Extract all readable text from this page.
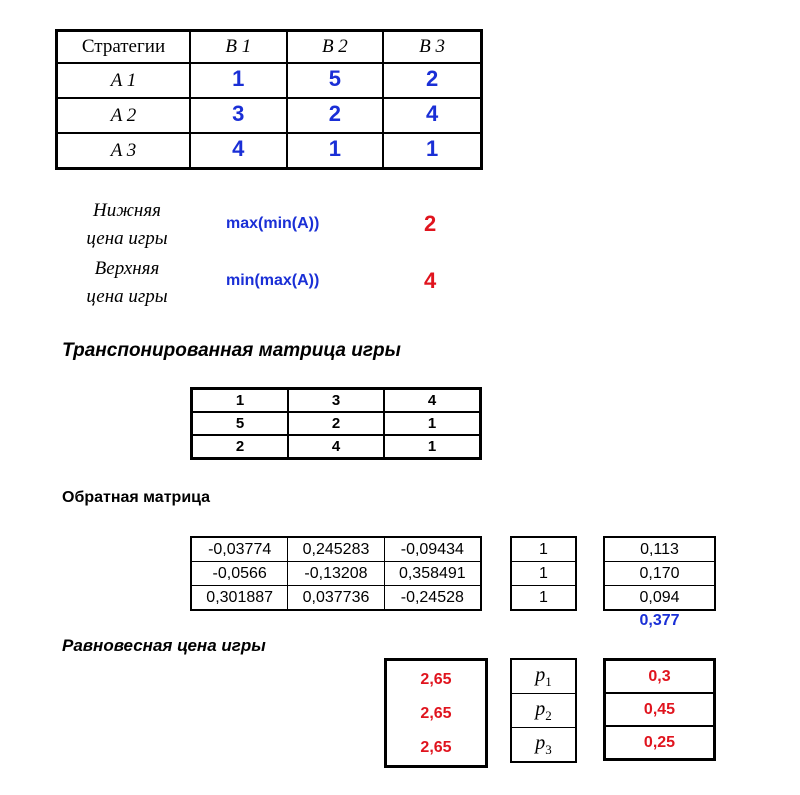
Стратегии	B 1	B 2	B 3
A 1	1	5	2
A 2	3	2	4
A 3	4	1	1
Нижняя
цена игры
max(min(A))	2
Верхняя
цена игры
min(max(A))	4
Транспонированная матрица игры
1	3	4
5	2	1
2	4	1
Обратная матрица
-0,03774	0,245283	-0,09434
-0,0566	-0,13208	0,358491
0,301887	0,037736	-0,24528
1
1
1
0,113
0,170
0,094
0,377
Равновесная цена игры
2,65
2,65
2,65
$p_1$
$p_2$
$p_3$
0,3
0,45
0,25
